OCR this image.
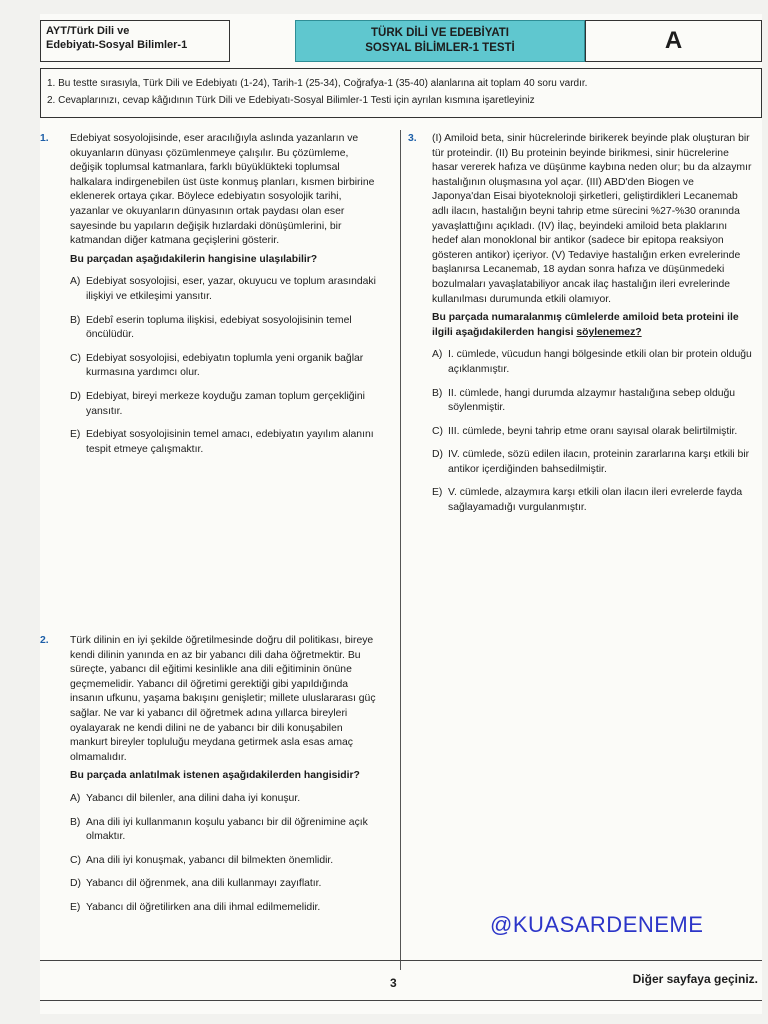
AYT/Türk Dili ve
Edebiyatı-Sosyal Bilimler-1
TÜRK DİLİ VE EDEBİYATI
SOSYAL BİLİMLER-1 TESTİ	A
1. Bu testte sırasıyla, Türk Dili ve Edebiyatı (1-24), Tarih-1 (25-34), Coğrafya-1 (35-40) alanlarına ait toplam 40 soru vardır.
2. Cevaplarınızı, cevap kâğıdının Türk Dili ve Edebiyatı-Sosyal Bilimler-1 Testi için ayrılan kısmına işaretleyiniz
1. Edebiyat sosyolojisinde, eser aracılığıyla aslında yazanların ve okuyanların dünyası çözümlenmeye çalışılır. Bu çözümleme, değişik toplumsal katmanlara, farklı büyüklükteki toplumsal halkalara indirgenebilen üst üste konmuş planları, kısmen birbirine eklenerek ortaya çıkar. Böylece edebiyatın sosyolojik tarihi, yazanlar ve okuyanların dünyasının ortak paydası olan eser sayesinde bu yapıların değişik hızlardaki dönüşümlerini, bir katmandan diğer katmana geçişlerini gösterir.

Bu parçadan aşağıdakilerin hangisine ulaşılabilir?

A) Edebiyat sosyolojisi, eser, yazar, okuyucu ve toplum arasındaki ilişkiyi ve etkileşimi yansıtır.
B) Edebî eserin topluma ilişkisi, edebiyat sosyolojisinin temel öncülüdür.
C) Edebiyat sosyolojisi, edebiyatın toplumla yeni organik bağlar kurmasına yardımcı olur.
D) Edebiyat, bireyi merkeze koyduğu zaman toplum gerçekliğini yansıtır.
E) Edebiyat sosyolojisinin temel amacı, edebiyatın yayılım alanını tespit etmeye çalışmaktır.
3. (I) Amiloid beta, sinir hücrelerinde birikerek beyinde plak oluşturan bir tür proteindir. (II) Bu proteinin beyinde birikmesi, sinir hücrelerine hasar vererek hafıza ve düşünme kaybına neden olur; bu da alzaymır hastalığının oluşmasına yol açar. (III) ABD'den Biogen ve Japonya'dan Eisai biyoteknoloji şirketleri, geliştirdikleri Lecanemab adlı ilacın, hastalığın beyni tahrip etme sürecini %27-%30 oranında yavaşlattığını açıkladı. (IV) İlaç, beyindeki amiloid beta plaklarını hedef alan monoklonal bir antikor (sadece bir epitopa reaksiyon gösteren antikor) içeriyor. (V) Tedaviye hastalığın erken evrelerinde başlanırsa Lecanemab, 18 aydan sonra hafıza ve düşünmedeki bozulmaları yavaşlatabiliyor ancak ilaç hastalığın ileri evrelerinde kullanılması durumunda etkili olamıyor.

Bu parçada numaralanmış cümlelerde amiloid beta proteini ile ilgili aşağıdakilerden hangisi söylenemez?

A) I. cümlede, vücudun hangi bölgesinde etkili olan bir protein olduğu açıklanmıştır.
B) II. cümlede, hangi durumda alzaymır hastalığına sebep olduğu söylenmiştir.
C) III. cümlede, beyni tahrip etme oranı sayısal olarak belirtilmiştir.
D) IV. cümlede, sözü edilen ilacın, proteinin zararlarına karşı etkili bir antikor içerdiğinden bahsedilmiştir.
E) V. cümlede, alzaymıra karşı etkili olan ilacın ileri evrelerde fayda sağlayamadığı vurgulanmıştır.
2. Türk dilinin en iyi şekilde öğretilmesinde doğru dil politikası, bireye kendi dilinin yanında en az bir yabancı dili daha öğretmektir. Bu süreçte, yabancı dil eğitimi kesinlikle ana dili eğitiminin önüne geçmemelidir. Yabancı dil öğretimi gerektiği gibi yapıldığında insanın ufkunu, yaşama bakışını genişletir; millete uluslararası güç sağlar. Ne var ki yabancı dil öğretmek adına yıllarca bireyleri oyalayarak ne kendi dilini ne de yabancı bir dili konuşabilen mankurt bireyler topluluğu meydana getirmek asla esas amaç olmamalıdır.

Bu parçada anlatılmak istenen aşağıdakilerden hangisidir?

A) Yabancı dil bilenler, ana dilini daha iyi konuşur.
B) Ana dili iyi kullanmanın koşulu yabancı bir dil öğrenimine açık olmaktır.
C) Ana dili iyi konuşmak, yabancı dil bilmekten önemlidir.
D) Yabancı dil öğrenmek, ana dili kullanmayı zayıflatır.
E) Yabancı dil öğretilirken ana dili ihmal edilmemelidir.
@KUASARDENEME
3	Diğer sayfaya geçiniz.
